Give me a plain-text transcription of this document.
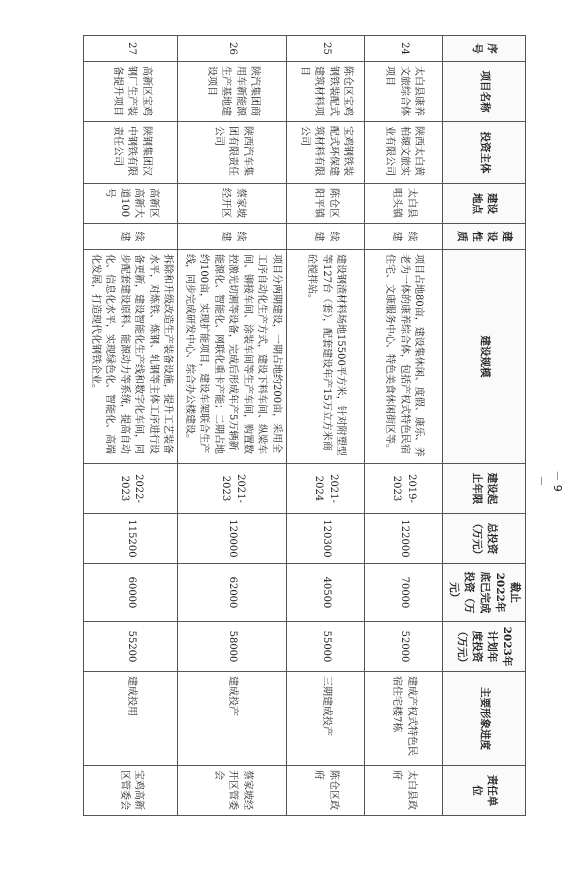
序号	项目名称	投资主体	建设地点	建设性质	建设规模	建设起止年限	总投资（万元）	截止2022年底已完成投资（万元）	2023年计划年度投资（万元）	主要形象进度	责任单位
24	太白县康养文旅综合体项目	陕西太白黄柏塬文旅实业有限公司	太白县咀头镇	续建	项目占地80亩，建设集休闲、度假、康乐、养老为一体的康养综合体，包括产权式特色民宿住宅、文康服务中心、特色美食休闲街区等。	2019-2023	122000	70000	52000	建成产权式特色民宿住宅楼7栋	太白县政府
25	陈仓区宝鸡钢铁装配式建筑材料项目	宝鸡钢铁装配式环保建筑材料有限公司	陈仓区阳平镇	续建	建设钢渣材料场地15500平方米，针对附塑型等127台（套），配套建设年产15万立方米商砼搅拌站。	2021-2024	120300	40500	55000	三期建成投产	陈仓区政府
26	陕汽集团商用车新能源生产基地建设项目	陕西汽车集团有限责任公司	蔡家坡经开区	续建	项目分两期建设，一期占地约200亩，采用全工序自动化生产方式，建设下料车间、纵梁车间、铆接车间、涂装车间等生产车间，购置数控激光切割等设备，完成后形成年产5万辆新能源化、智能化、网联化重卡产能；二期占地约100亩，实现扩能项目，建设车架联合生产线，同步完成研发中心、综合办公楼建设。	2021-2023	120000	62000	58000	建成投产	蔡家坡经开区管委会
27	高新区宝鸡钢厂生产装备提升项目	陕钢集团汉中钢铁有限责任公司	高新区高新大道100号	续建	拆除和升级改造生产装备设施，提升工艺装备水平，对炼铁、炼钢、轧钢等主体工序进行设备更新，建设智能化生产线和数字化车间，同步配套建设原料、能源动力等系统，提高自动化、信息化水平，实现绿色化、智能化、高端化发展，打造现代化钢铁企业。	2022-2023	115200	60000	55200	建成投用	宝鸡高新区管委会
－ 9 －
